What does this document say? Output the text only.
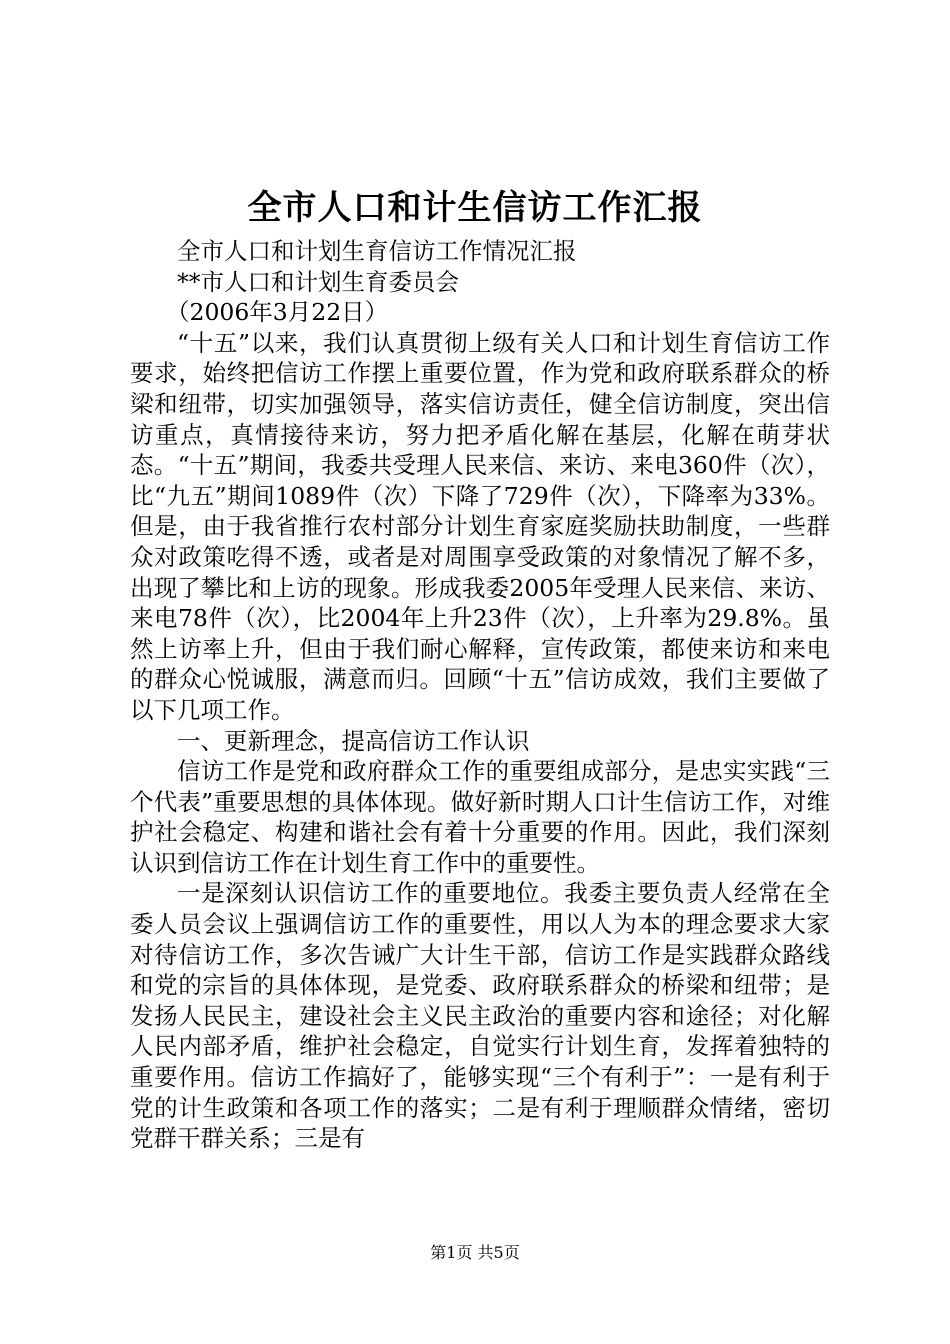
全市人口和计生信访工作汇报

全市人口和计划生育信访工作情况汇报

**市人口和计划生育委员会

（2006年3月22日）

“十五”以来，我们认真贯彻上级有关人口和计划生育信访工作要求，始终把信访工作摆上重要位置，作为党和政府联系群众的桥梁和纽带，切实加强领导，落实信访责任，健全信访制度，突出信访重点，真情接待来访，努力把矛盾化解在基层，化解在萌芽状态。“十五”期间，我委共受理人民来信、来访、来电360件（次），比“九五”期间1089件（次）下降了729件（次），下降率为33%。但是，由于我省推行农村部分计划生育家庭奖励扶助制度，一些群众对政策吃得不透，或者是对周围享受政策的对象情况了解不多，出现了攀比和上访的现象。形成我委2005年受理人民来信、来访、来电78件（次），比2004年上升23件（次），上升率为29.8%。虽然上访率上升，但由于我们耐心解释，宣传政策，都使来访和来电的群众心悦诚服，满意而归。回顾“十五”信访成效，我们主要做了以下几项工作。

一、更新理念，提高信访工作认识

信访工作是党和政府群众工作的重要组成部分，是忠实实践“三个代表”重要思想的具体体现。做好新时期人口计生信访工作，对维护社会稳定、构建和谐社会有着十分重要的作用。因此，我们深刻认识到信访工作在计划生育工作中的重要性。

一是深刻认识信访工作的重要地位。我委主要负责人经常在全委人员会议上强调信访工作的重要性，用以人为本的理念要求大家对待信访工作，多次告诫广大计生干部，信访工作是实践群众路线和党的宗旨的具体体现，是党委、政府联系群众的桥梁和纽带；是发扬人民民主，建设社会主义民主政治的重要内容和途径；对化解人民内部矛盾，维护社会稳定，自觉实行计划生育，发挥着独特的重要作用。信访工作搞好了，能够实现“三个有利于”：一是有利于党的计生政策和各项工作的落实；二是有利于理顺群众情绪，密切党群干群关系；三是有

第1页 共5页
